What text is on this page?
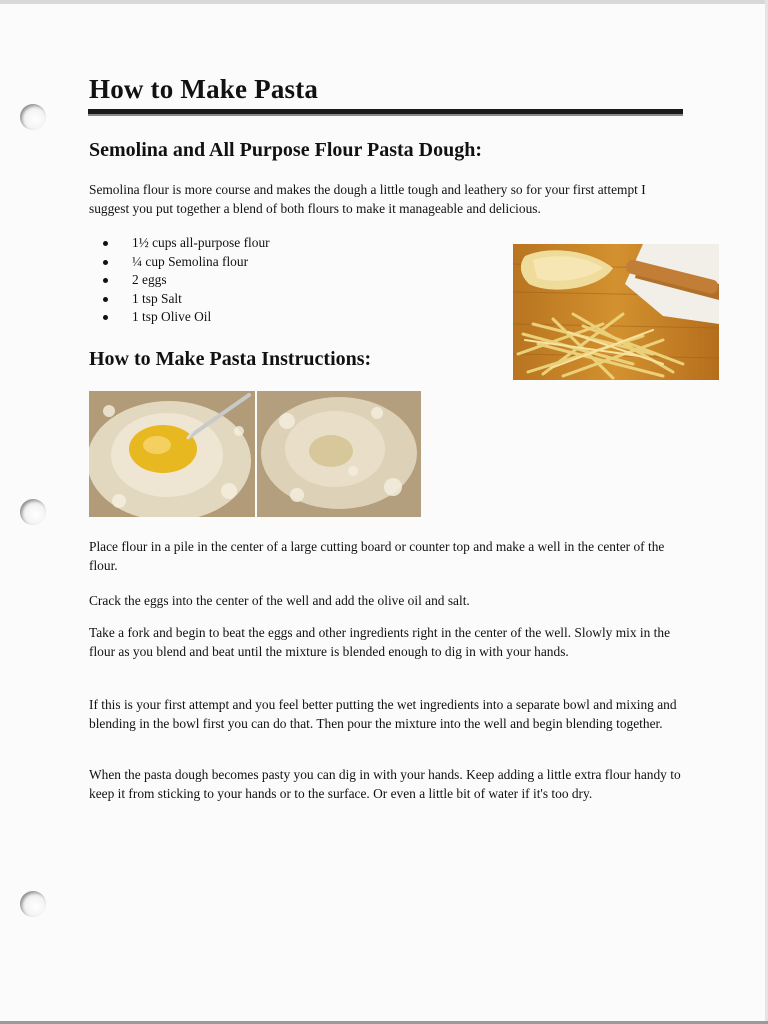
How to Make Pasta
Semolina and All Purpose Flour Pasta Dough:

Semolina flour is more course and makes the dough a little tough and leathery so for your first attempt I suggest you put together a blend of both flours to make it manageable and delicious.

1½ cups all-purpose flour
¼ cup Semolina flour
2 eggs
1 tsp Salt
1 tsp Olive Oil
How to Make Pasta Instructions:

Place flour in a pile in the center of a large cutting board or counter top and make a well in the center of the flour.

Crack the eggs into the center of the well and add the olive oil and salt.

Take a fork and begin to beat the eggs and other ingredients right in the center of the well. Slowly mix in the flour as you blend and beat until the mixture is blended enough to dig in with your hands.

If this is your first attempt and you feel better putting the wet ingredients into a separate bowl and mixing and blending in the bowl first you can do that. Then pour the mixture into the well and begin blending together.

When the pasta dough becomes pasty you can dig in with your hands. Keep adding a little extra flour handy to keep it from sticking to your hands or to the surface. Or even a little bit of water if it's too dry.
